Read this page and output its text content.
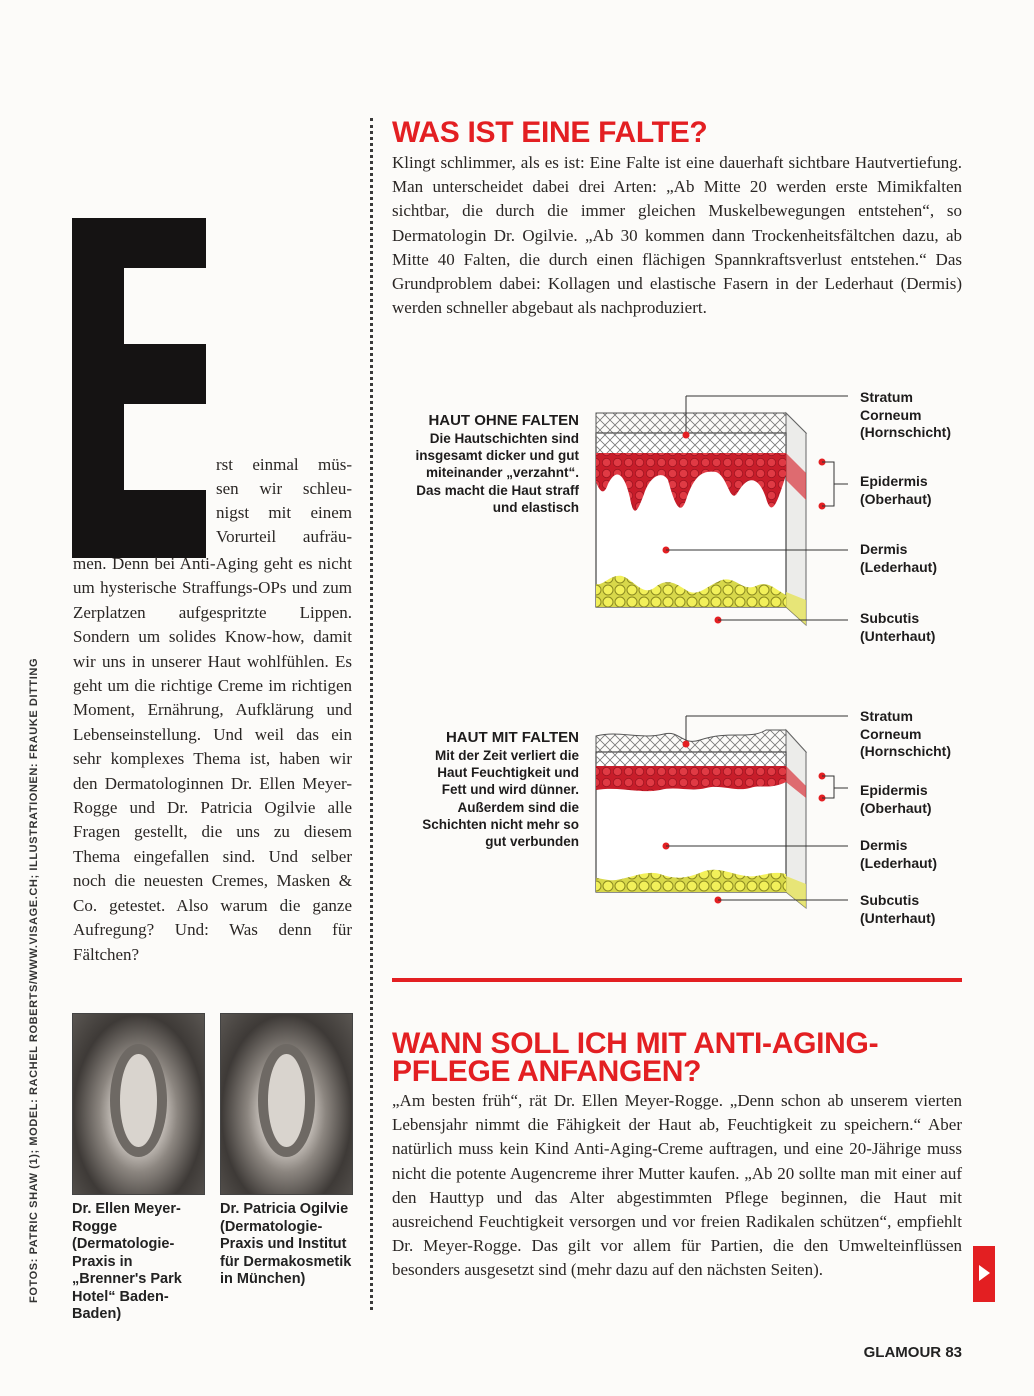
FOTOS: PATRIC SHAW (1); MODEL: RACHEL ROBERTS/WWW.VISAGE.CH; ILLUSTRATIONEN: FRAUKE DITTING
rst einmal müs-
sen wir schleu-
nigst mit einem
Vorurteil aufräu-
men. Denn bei Anti-Aging geht es nicht um hysterische Straffungs-OPs und zum Zerplatzen aufgespritzte Lippen. Sondern um solides Know-how, damit wir uns in unserer Haut wohlfühlen. Es geht um die richtige Creme im richtigen Moment, Ernährung, Aufklärung und Lebenseinstellung. Und weil das ein sehr komplexes Thema ist, haben wir den Dermatologinnen Dr. Ellen Meyer-Rogge und Dr. Patricia Ogilvie alle Fragen gestellt, die uns zu diesem Thema eingefallen sind. Und selber noch die neuesten Cremes, Masken & Co. getestet. Also warum die ganze Aufregung? Und: Was denn für Fältchen?

Dr. Ellen Meyer-Rogge (Dermatologie-Praxis in „Brenner's Park Hotel“ Baden-Baden)

Dr. Patricia Ogilvie (Dermatologie-Praxis und Institut für Dermakosmetik in München)

WAS IST EINE FALTE?
Klingt schlimmer, als es ist: Eine Falte ist eine dauerhaft sichtbare Hautvertiefung. Man unterscheidet dabei drei Arten: „Ab Mitte 20 werden erste Mimikfalten sichtbar, die durch die immer gleichen Muskelbewegungen entstehen“, so Dermatologin Dr. Ogilvie. „Ab 30 kommen dann Trockenheitsfältchen dazu, ab Mitte 40 Falten, die durch einen flächigen Spannkraftsverlust entstehen.“ Das Grundproblem dabei: Kollagen und elastische Fasern in der Lederhaut (Dermis) werden schneller abgebaut als nachproduziert.
HAUT OHNE FALTEN
Die Hautschichten sind insgesamt dicker und gut miteinander „verzahnt“. Das macht die Haut straff und elastisch
Stratum
Corneum
(Hornschicht)
Epidermis
(Oberhaut)
Dermis
(Lederhaut)
Subcutis
(Unterhaut)
HAUT MIT FALTEN
Mit der Zeit verliert die Haut Feuchtigkeit und Fett und wird dünner. Außerdem sind die Schichten nicht mehr so gut verbunden
Stratum
Corneum
(Hornschicht)
Epidermis
(Oberhaut)
Dermis
(Lederhaut)
Subcutis
(Unterhaut)
WANN SOLL ICH MIT ANTI-AGING-
PFLEGE ANFANGEN?
„Am besten früh“, rät Dr. Ellen Meyer-Rogge. „Denn schon ab unserem vierten Lebensjahr nimmt die Fähigkeit der Haut ab, Feuchtigkeit zu speichern.“ Aber natürlich muss kein Kind Anti-Aging-Creme auftragen, und eine 20-Jährige muss nicht die potente Augencreme ihrer Mutter kaufen. „Ab 20 sollte man mit einer auf den Hauttyp und das Alter abgestimmten Pflege beginnen, die Haut mit ausreichend Feuchtigkeit versorgen und vor freien Radikalen schützen“, empfiehlt Dr. Meyer-Rogge. Das gilt vor allem für Partien, die den Umwelteinflüssen besonders ausgesetzt sind (mehr dazu auf den nächsten Seiten).
GLAMOUR 83
